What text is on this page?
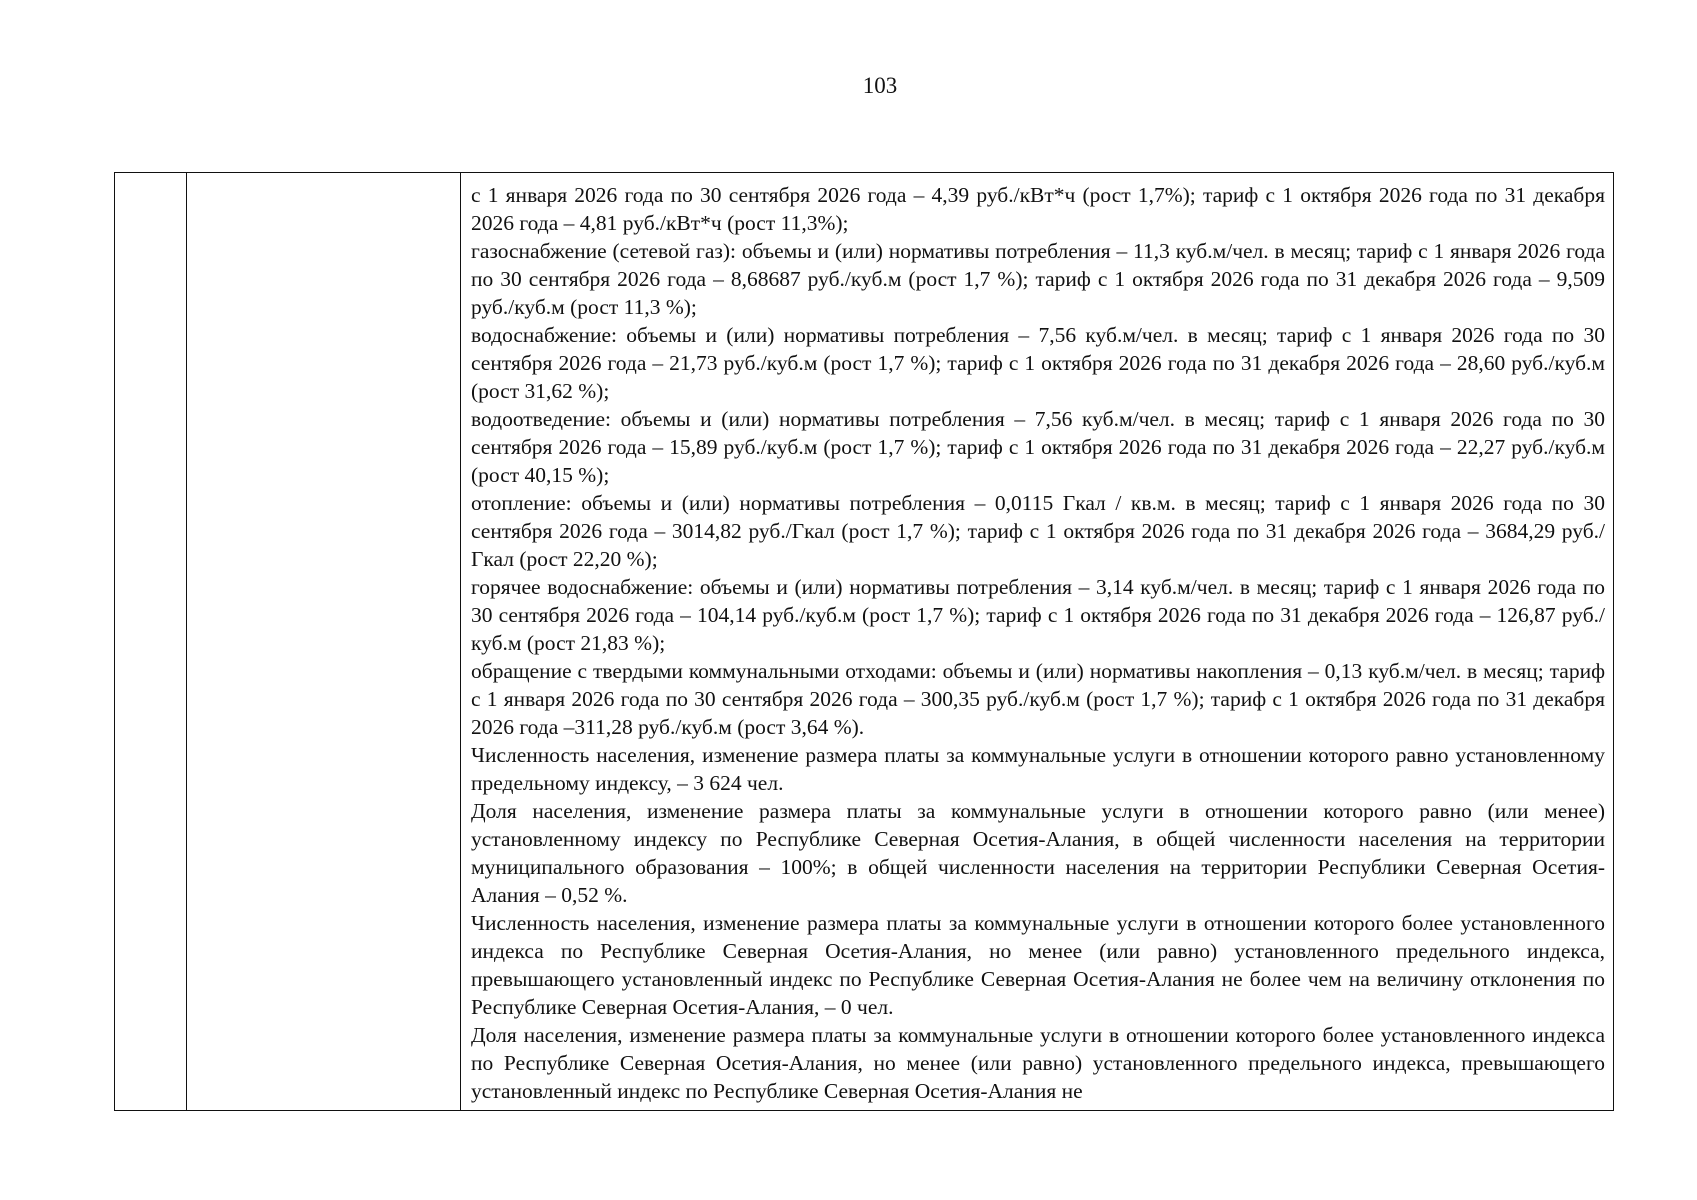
103

с 1 января 2026 года по 30 сентября 2026 года – 4,39 руб./кВт*ч (рост 1,7%); тариф с 1 октября 2026 года по 31 декабря 2026 года – 4,81 руб./кВт*ч (рост 11,3%);

газоснабжение (сетевой газ): объемы и (или) нормативы потребления – 11,3 куб.м/чел. в месяц; тариф с 1 января 2026 года по 30 сентября 2026 года – 8,68687 руб./куб.м (рост 1,7 %); тариф с 1 октября 2026 года по 31 декабря 2026 года – 9,509 руб./куб.м (рост 11,3 %);

водоснабжение: объемы и (или) нормативы потребления – 7,56 куб.м/чел. в месяц; тариф с 1 января 2026 года по 30 сентября 2026 года – 21,73 руб./куб.м (рост 1,7 %); тариф с 1 октября 2026 года по 31 декабря 2026 года – 28,60 руб./куб.м (рост 31,62 %);

водоотведение: объемы и (или) нормативы потребления – 7,56 куб.м/чел. в месяц; тариф с 1 января 2026 года по 30 сентября 2026 года – 15,89 руб./куб.м (рост 1,7 %); тариф с 1 октября 2026 года по 31 декабря 2026 года – 22,27 руб./куб.м (рост 40,15 %);

отопление: объемы и (или) нормативы потребления – 0,0115 Гкал / кв.м. в месяц; тариф с 1 января 2026 года по 30 сентября 2026 года – 3014,82 руб./Гкал (рост 1,7 %); тариф с 1 октября 2026 года по 31 декабря 2026 года – 3684,29 руб./Гкал (рост 22,20 %);

горячее водоснабжение: объемы и (или) нормативы потребления – 3,14 куб.м/чел. в месяц; тариф с 1 января 2026 года по 30 сентября 2026 года – 104,14 руб./куб.м (рост 1,7 %); тариф с 1 октября 2026 года по 31 декабря 2026 года – 126,87 руб./куб.м (рост 21,83 %);

обращение с твердыми коммунальными отходами: объемы и (или) нормативы накопления – 0,13 куб.м/чел. в месяц; тариф с 1 января 2026 года по 30 сентября 2026 года – 300,35 руб./куб.м (рост 1,7 %); тариф с 1 октября 2026 года по 31 декабря 2026 года –311,28 руб./куб.м (рост 3,64 %).

Численность населения, изменение размера платы за коммунальные услуги в отношении которого равно установленному предельному индексу, – 3 624 чел.

Доля населения, изменение размера платы за коммунальные услуги в отношении которого равно (или менее) установленному индексу по Республике Северная Осетия-Алания, в общей численности населения на территории муниципального образования – 100%; в общей численности населения на территории Республики Северная Осетия-Алания – 0,52 %.

Численность населения, изменение размера платы за коммунальные услуги в отношении которого более установленного индекса по Республике Северная Осетия-Алания, но менее (или равно) установленного предельного индекса, превышающего установленный индекс по Республике Северная Осетия-Алания не более чем на величину отклонения по Республике Северная Осетия-Алания, – 0 чел.

Доля населения, изменение размера платы за коммунальные услуги в отношении которого более установленного индекса по Республике Северная Осетия-Алания, но менее (или равно) установленного предельного индекса, превышающего установленный индекс по Республике Северная Осетия-Алания не
